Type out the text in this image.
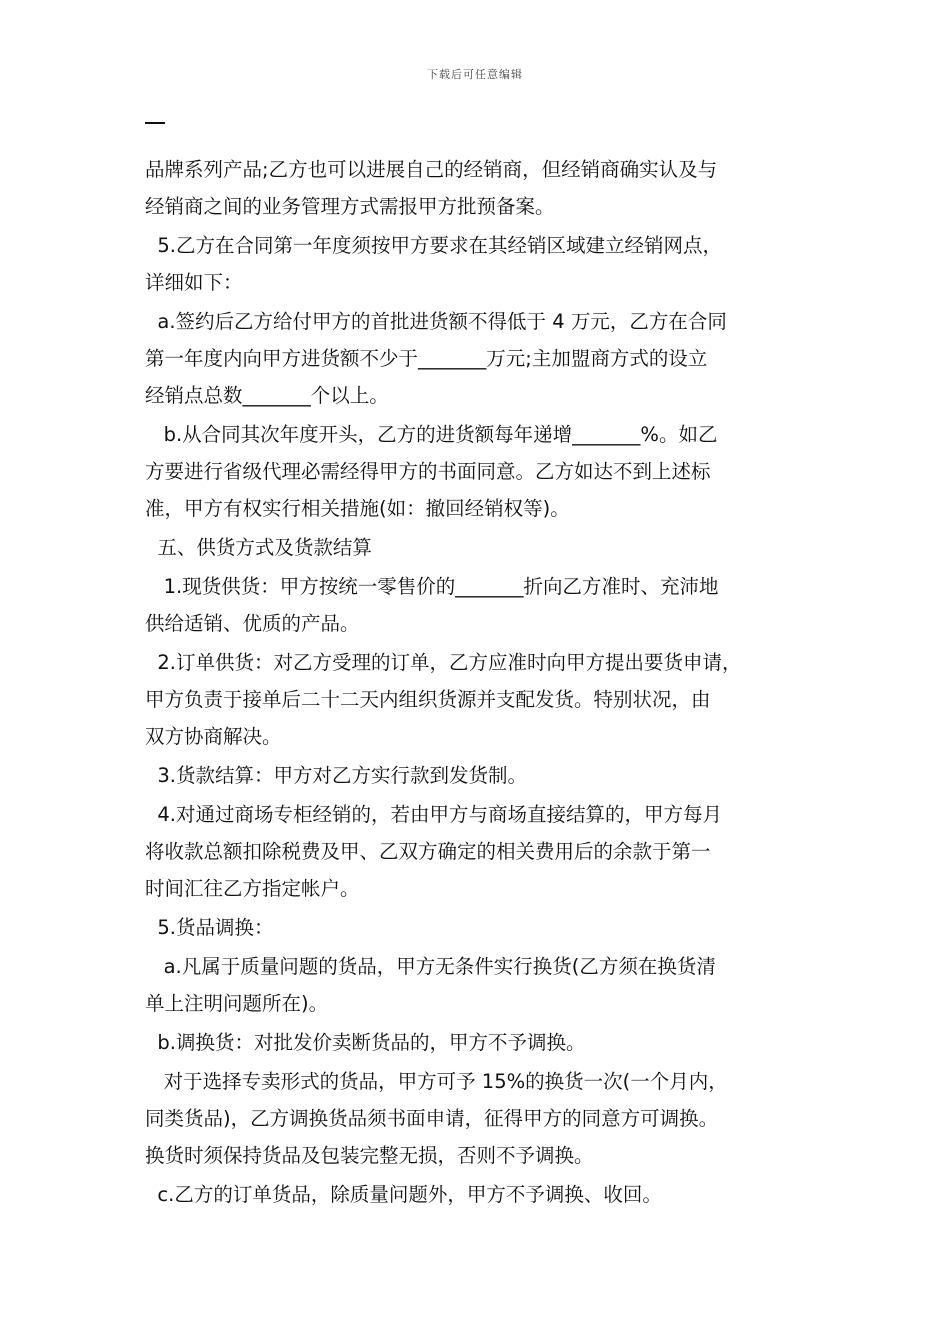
下载后可任意编辑
品牌系列产品;乙方也可以进展自己的经销商，但经销商确实认及与
经销商之间的业务管理方式需报甲方批预备案。
5.乙方在合同第一年度须按甲方要求在其经销区域建立经销网点，
详细如下：
a.签约后乙方给付甲方的首批进货额不得低于 4 万元，乙方在合同
第一年度内向甲方进货额不少于_______万元;主加盟商方式的设立
经销点总数_______个以上。
b.从合同其次年度开头，乙方的进货额每年递增_______%。如乙
方要进行省级代理必需经得甲方的书面同意。乙方如达不到上述标
准，甲方有权实行相关措施(如：撤回经销权等)。
五、供货方式及货款结算
1.现货供货：甲方按统一零售价的_______折向乙方准时、充沛地
供给适销、优质的产品。
2.订单供货：对乙方受理的订单，乙方应准时向甲方提出要货申请，
甲方负责于接单后二十二天内组织货源并支配发货。特别状况，由
双方协商解决。
3.货款结算：甲方对乙方实行款到发货制。
4.对通过商场专柜经销的，若由甲方与商场直接结算的，甲方每月
将收款总额扣除税费及甲、乙双方确定的相关费用后的余款于第一
时间汇往乙方指定帐户。
5.货品调换：
a.凡属于质量问题的货品，甲方无条件实行换货(乙方须在换货清
单上注明问题所在)。
b.调换货：对批发价卖断货品的，甲方不予调换。
对于选择专卖形式的货品，甲方可予 15%的换货一次(一个月内，
同类货品)，乙方调换货品须书面申请，征得甲方的同意方可调换。
换货时须保持货品及包装完整无损，否则不予调换。
c.乙方的订单货品，除质量问题外，甲方不予调换、收回。
